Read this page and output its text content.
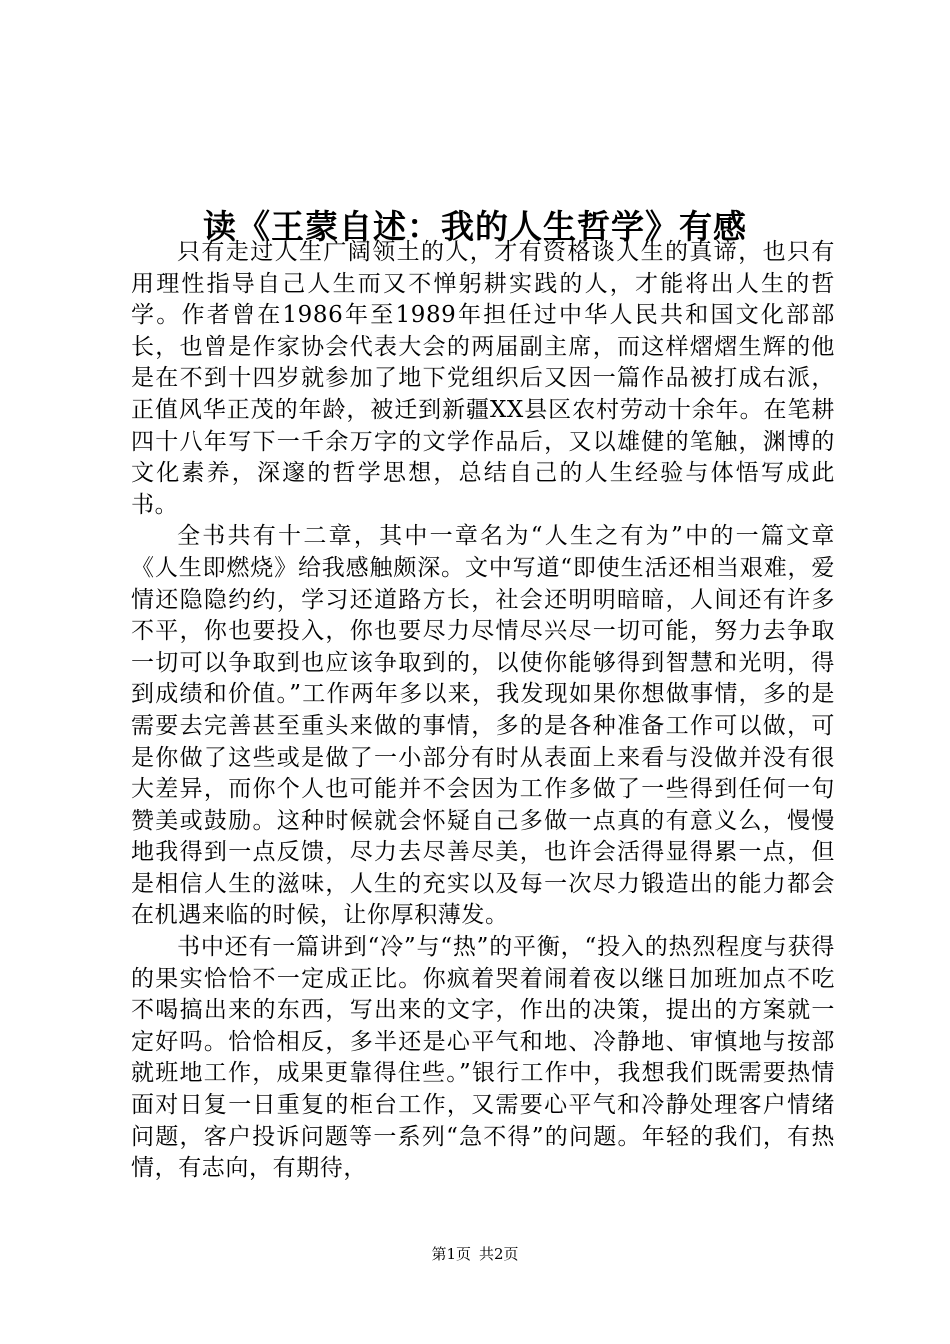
读《王蒙自述：我的人生哲学》有感

只有走过人生广阔领土的人，才有资格谈人生的真谛，也只有用理性指导自己人生而又不惮躬耕实践的人，才能将出人生的哲学。作者曾在1986年至1989年担任过中华人民共和国文化部部长，也曾是作家协会代表大会的两届副主席，而这样熠熠生辉的他是在不到十四岁就参加了地下党组织后又因一篇作品被打成右派，正值风华正茂的年龄，被迁到新疆XX县区农村劳动十余年。在笔耕四十八年写下一千余万字的文学作品后，又以雄健的笔触，渊博的文化素养，深邃的哲学思想，总结自己的人生经验与体悟写成此书。

全书共有十二章，其中一章名为“人生之有为”中的一篇文章《人生即燃烧》给我感触颇深。文中写道“即使生活还相当艰难，爱情还隐隐约约，学习还道路方长，社会还明明暗暗，人间还有许多不平，你也要投入，你也要尽力尽情尽兴尽一切可能，努力去争取一切可以争取到也应该争取到的，以使你能够得到智慧和光明，得到成绩和价值。”工作两年多以来，我发现如果你想做事情，多的是需要去完善甚至重头来做的事情，多的是各种准备工作可以做，可是你做了这些或是做了一小部分有时从表面上来看与没做并没有很大差异，而你个人也可能并不会因为工作多做了一些得到任何一句赞美或鼓励。这种时候就会怀疑自己多做一点真的有意义么，慢慢地我得到一点反馈，尽力去尽善尽美，也许会活得显得累一点，但是相信人生的滋味，人生的充实以及每一次尽力锻造出的能力都会在机遇来临的时候，让你厚积薄发。

书中还有一篇讲到“冷”与“热”的平衡，“投入的热烈程度与获得的果实恰恰不一定成正比。你疯着哭着闹着夜以继日加班加点不吃不喝搞出来的东西，写出来的文字，作出的决策，提出的方案就一定好吗。恰恰相反，多半还是心平气和地、冷静地、审慎地与按部就班地工作，成果更靠得住些。”银行工作中，我想我们既需要热情面对日复一日重复的柜台工作，又需要心平气和冷静处理客户情绪问题，客户投诉问题等一系列“急不得”的问题。年轻的我们，有热情，有志向，有期待，

第1页 共2页
